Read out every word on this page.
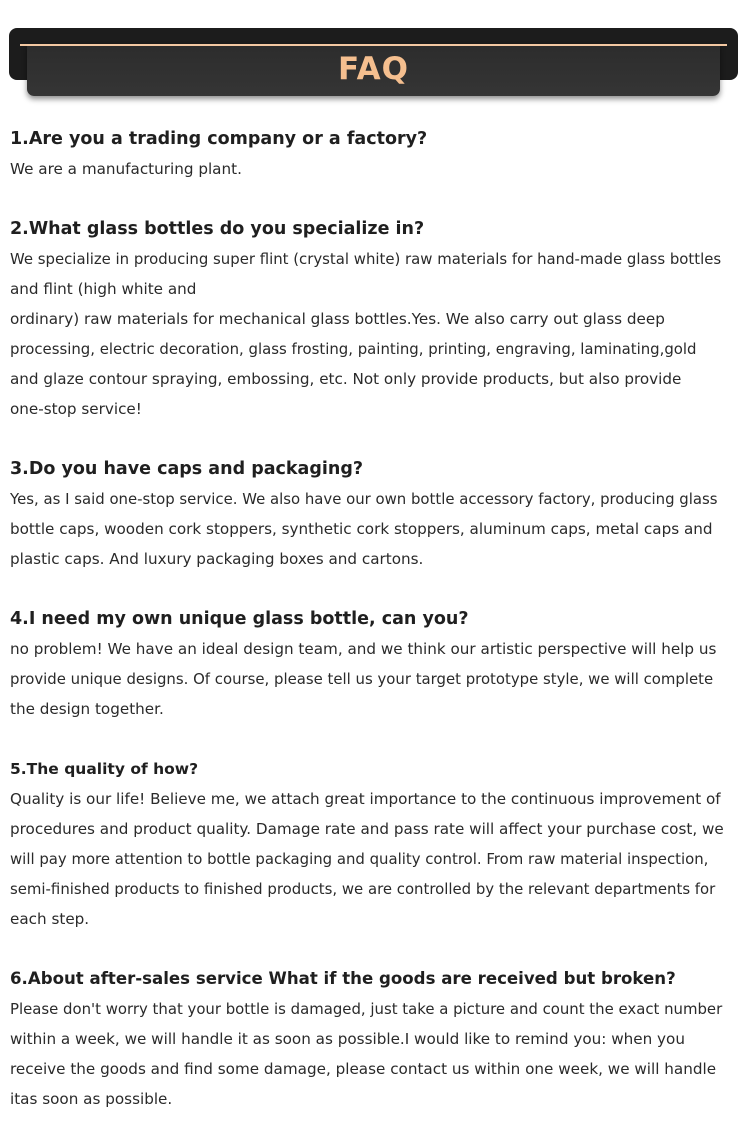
FAQ
1.Are you a trading company or a factory?
We are a manufacturing plant.
2.What glass bottles do you specialize in?
We specialize in producing super flint (crystal white) raw materials for hand-made glass bottles
and flint (high white and
ordinary) raw materials for mechanical glass bottles.Yes. We also carry out glass deep
processing, electric decoration, glass frosting, painting, printing, engraving, laminating,gold
and glaze contour spraying, embossing, etc. Not only provide products, but also provide
one-stop service!
3.Do you have caps and packaging?
Yes, as I said one-stop service. We also have our own bottle accessory factory, producing glass
bottle caps, wooden cork stoppers, synthetic cork stoppers, aluminum caps, metal caps and
plastic caps. And luxury packaging boxes and cartons.
4.I need my own unique glass bottle, can you?
no problem! We have an ideal design team, and we think our artistic perspective will help us
provide unique designs. Of course, please tell us your target prototype style, we will complete
the design together.
5.The quality of how?
Quality is our life! Believe me, we attach great importance to the continuous improvement of
procedures and product quality. Damage rate and pass rate will affect your purchase cost, we
will pay more attention to bottle packaging and quality control. From raw material inspection,
semi-finished products to finished products, we are controlled by the relevant departments for
each step.
6.About after-sales service What if the goods are received but broken?
Please don't worry that your bottle is damaged, just take a picture and count the exact number
within a week, we will handle it as soon as possible.I would like to remind you: when you
receive the goods and find some damage, please contact us within one week, we will handle
itas soon as possible.
